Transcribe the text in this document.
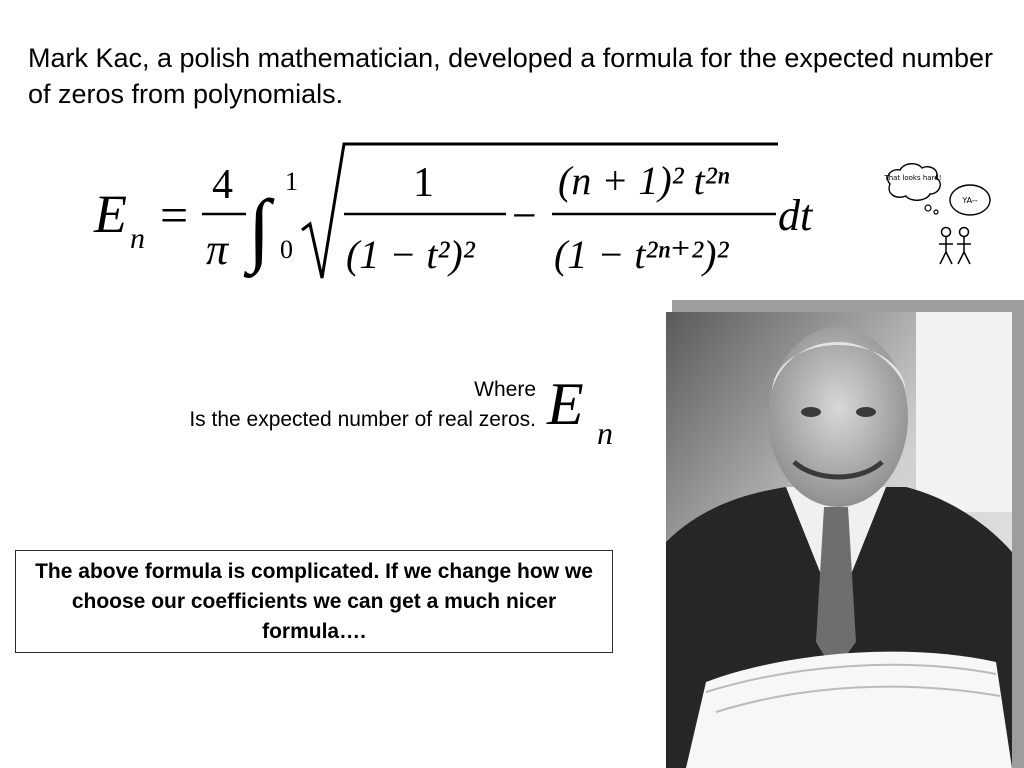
Mark Kac, a polish mathematician, developed a formula for the expected number of zeros from polynomials.

E n =
4
π ∫
1
0
1
(1 − t²)²
−
(n + 1)² t²ⁿ
(1 − t²ⁿ⁺²)²
dt
That looks hard!
YA--
Where
Is the expected number of real zeros. E n
The above formula is complicated. If we change how we choose our coefficients we can get a much nicer formula….
